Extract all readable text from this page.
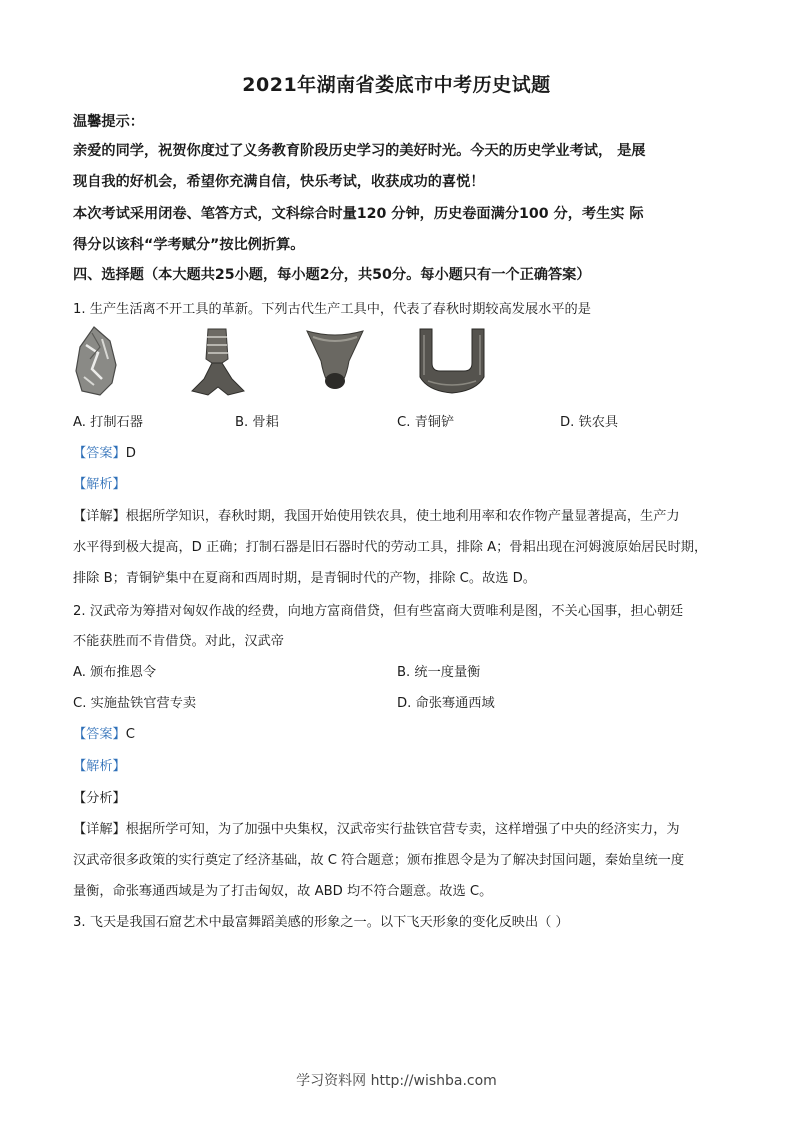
2021年湖南省娄底市中考历史试题
温馨提示：
亲爱的同学，祝贺你度过了义务教育阶段历史学习的美好时光。今天的历史学业考试， 是展
现自我的好机会，希望你充满自信，快乐考试，收获成功的喜悦！
本次考试采用闭卷、笔答方式，文科综合时量120 分钟，历史卷面满分100 分，考生实 际
得分以该科“学考赋分”按比例折算。
四、选择题（本大题共25小题，每小题2分，共50分。每小题只有一个正确答案）
1. 生产生活离不开工具的革新。下列古代生产工具中，代表了春秋时期较高发展水平的是
A. 打制石器	B. 骨耜	C. 青铜铲	D. 铁农具
【答案】D
【解析】
【详解】根据所学知识，春秋时期，我国开始使用铁农具，使土地利用率和农作物产量显著提高，生产力
水平得到极大提高，D 正确；打制石器是旧石器时代的劳动工具，排除 A；骨耜出现在河姆渡原始居民时期，
排除 B；青铜铲集中在夏商和西周时期，是青铜时代的产物，排除 C。故选 D。
2. 汉武帝为筹措对匈奴作战的经费，向地方富商借贷，但有些富商大贾唯利是图，不关心国事，担心朝廷
不能获胜而不肯借贷。对此，汉武帝
A. 颁布推恩令	B. 统一度量衡
C. 实施盐铁官营专卖	D. 命张骞通西域
【答案】C
【解析】
【分析】
【详解】根据所学可知，为了加强中央集权，汉武帝实行盐铁官营专卖，这样增强了中央的经济实力，为
汉武帝很多政策的实行奠定了经济基础，故 C 符合题意；颁布推恩令是为了解决封国问题，秦始皇统一度
量衡，命张骞通西域是为了打击匈奴，故 ABD 均不符合题意。故选 C。
3. 飞天是我国石窟艺术中最富舞蹈美感的形象之一。以下飞天形象的变化反映出（ ）
学习资料网 http://wishba.com
